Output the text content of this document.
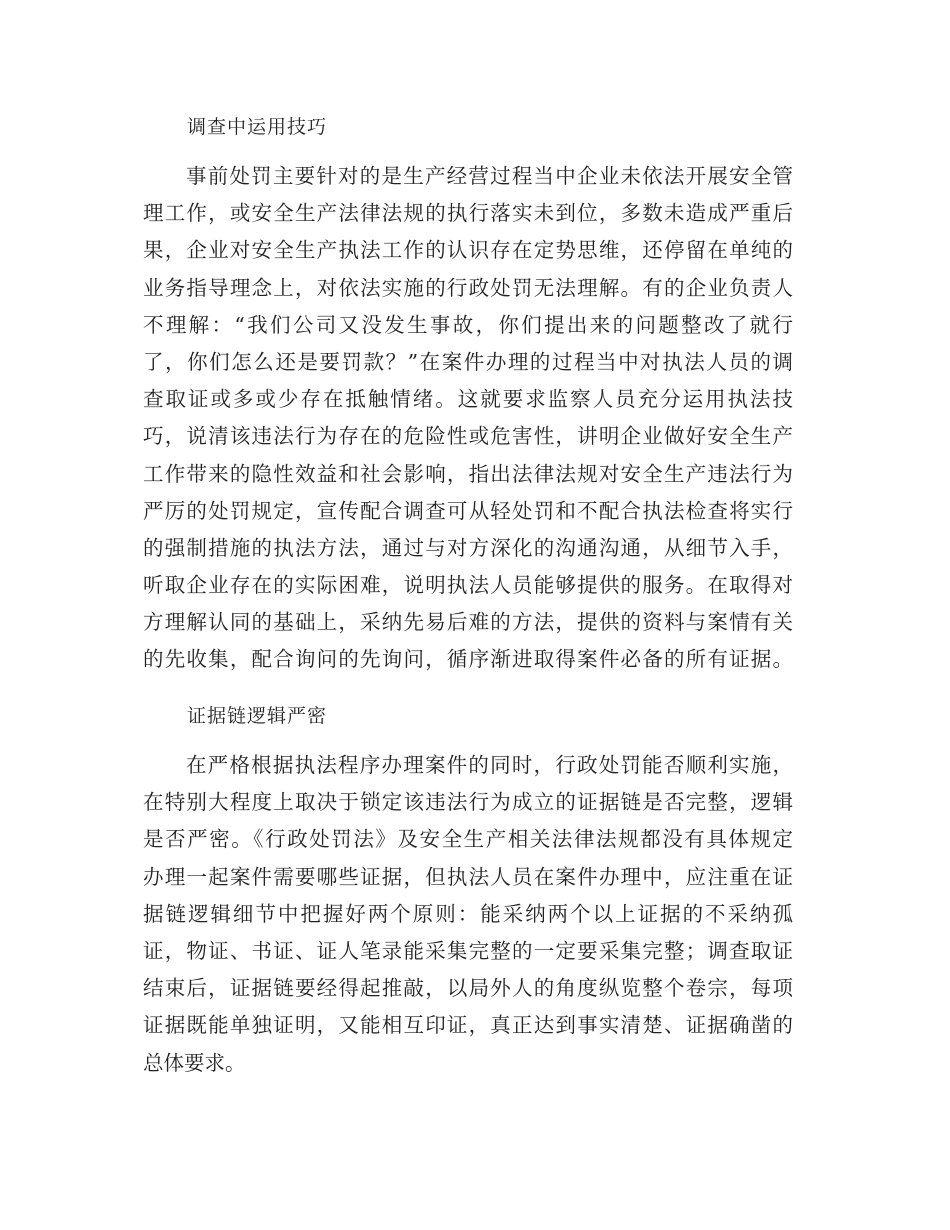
调查中运用技巧
事前处罚主要针对的是生产经营过程当中企业未依法开展安全管
理工作，或安全生产法律法规的执行落实未到位，多数未造成严重后
果，企业对安全生产执法工作的认识存在定势思维，还停留在单纯的
业务指导理念上，对依法实施的行政处罚无法理解。有的企业负责人
不理解：“我们公司又没发生事故，你们提出来的问题整改了就行
了，你们怎么还是要罚款？”在案件办理的过程当中对执法人员的调
查取证或多或少存在抵触情绪。这就要求监察人员充分运用执法技
巧，说清该违法行为存在的危险性或危害性，讲明企业做好安全生产
工作带来的隐性效益和社会影响，指出法律法规对安全生产违法行为
严厉的处罚规定，宣传配合调查可从轻处罚和不配合执法检查将实行
的强制措施的执法方法，通过与对方深化的沟通沟通，从细节入手，
听取企业存在的实际困难，说明执法人员能够提供的服务。在取得对
方理解认同的基础上，采纳先易后难的方法，提供的资料与案情有关
的先收集，配合询问的先询问，循序渐进取得案件必备的所有证据。
证据链逻辑严密
在严格根据执法程序办理案件的同时，行政处罚能否顺利实施，
在特别大程度上取决于锁定该违法行为成立的证据链是否完整，逻辑
是否严密。《行政处罚法》及安全生产相关法律法规都没有具体规定
办理一起案件需要哪些证据，但执法人员在案件办理中，应注重在证
据链逻辑细节中把握好两个原则：能采纳两个以上证据的不采纳孤
证，物证、书证、证人笔录能采集完整的一定要采集完整；调查取证
结束后，证据链要经得起推敲，以局外人的角度纵览整个卷宗，每项
证据既能单独证明，又能相互印证，真正达到事实清楚、证据确凿的
总体要求。
